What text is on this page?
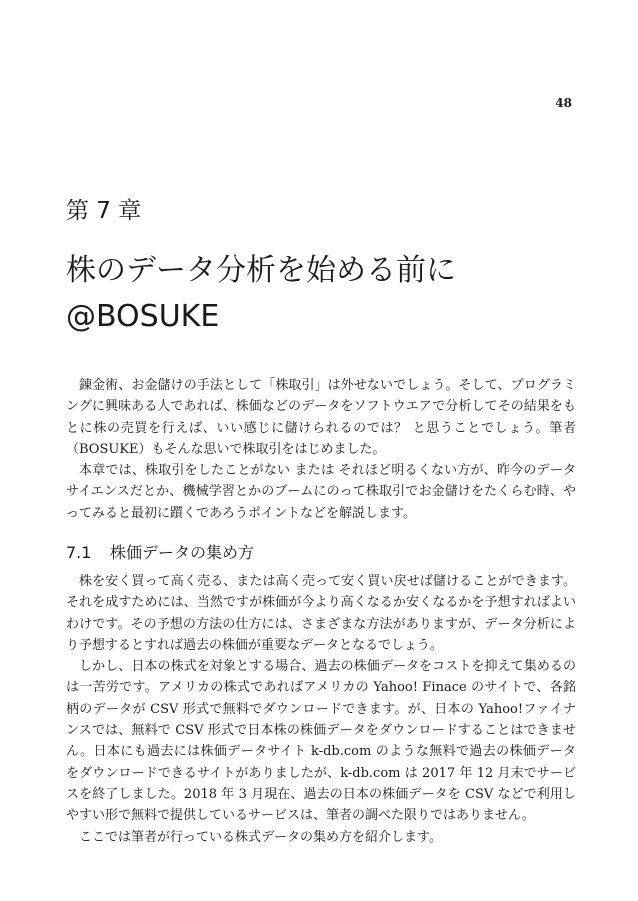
48
第 7 章
株のデータ分析を始める前に
@BOSUKE

錬金術、お金儲けの手法として「株取引」は外せないでしょう。そして、プログラミングに興味ある人であれば、株価などのデータをソフトウエアで分析してその結果をもとに株の売買を行えば、いい感じに儲けられるのでは？ と思うことでしょう。筆者（BOSUKE）もそんな思いで株取引をはじめました。

本章では、株取引をしたことがない または それほど明るくない方が、昨今のデータサイエンスだとか、機械学習とかのブームにのって株取引でお金儲けをたくらむ時、やってみると最初に躓くであろうポイントなどを解説します。

7.1 株価データの集め方

株を安く買って高く売る、または高く売って安く買い戻せば儲けることができます。それを成すためには、当然ですが株価が今より高くなるか安くなるかを予想すればよいわけです。その予想の方法の仕方には、さまざまな方法がありますが、データ分析により予想するとすれば過去の株価が重要なデータとなるでしょう。

しかし、日本の株式を対象とする場合、過去の株価データをコストを抑えて集めるのは一苦労です。アメリカの株式であればアメリカの Yahoo! Finace のサイトで、各銘柄のデータが CSV 形式で無料でダウンロードできます。が、日本の Yahoo!ファイナンスでは、無料で CSV 形式で日本株の株価データをダウンロードすることはできません。日本にも過去には株価データサイト k-db.com のような無料で過去の株価データをダウンロードできるサイトがありましたが、k-db.com は 2017 年 12 月末でサービスを終了しました。2018 年 3 月現在、過去の日本の株価データを CSV などで利用しやすい形で無料で提供しているサービスは、筆者の調べた限りではありません。

ここでは筆者が行っている株式データの集め方を紹介します。
